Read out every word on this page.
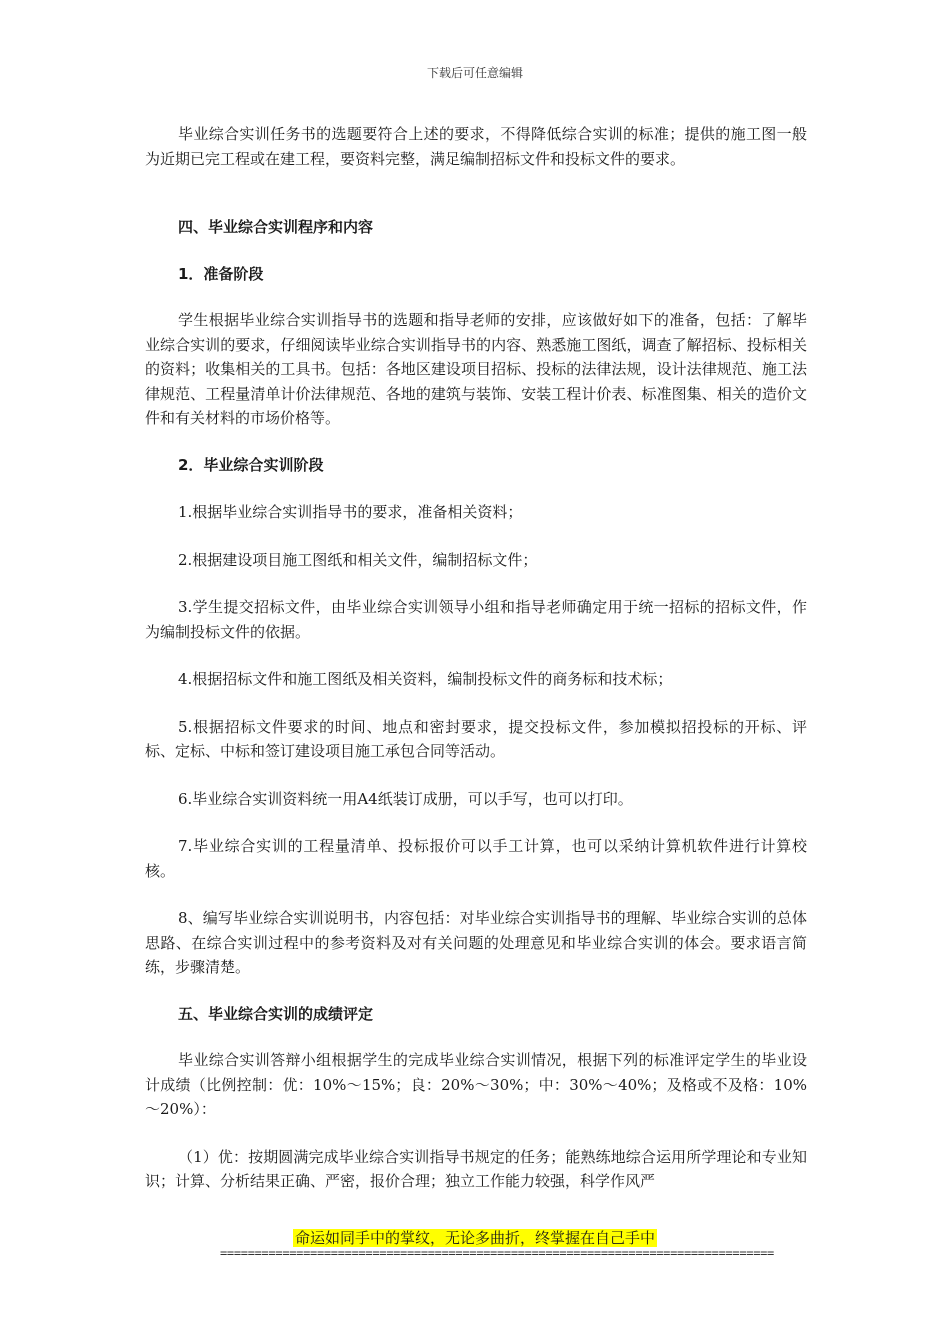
下载后可任意编辑

毕业综合实训任务书的选题要符合上述的要求，不得降低综合实训的标准；提供的施工图一般为近期已完工程或在建工程，要资料完整，满足编制招标文件和投标文件的要求。

四、毕业综合实训程序和内容

1．准备阶段

学生根据毕业综合实训指导书的选题和指导老师的安排，应该做好如下的准备，包括：了解毕业综合实训的要求，仔细阅读毕业综合实训指导书的内容、熟悉施工图纸，调查了解招标、投标相关的资料；收集相关的工具书。包括：各地区建设项目招标、投标的法律法规，设计法律规范、施工法律规范、工程量清单计价法律规范、各地的建筑与装饰、安装工程计价表、标准图集、相关的造价文件和有关材料的市场价格等。

2．毕业综合实训阶段

1.根据毕业综合实训指导书的要求，准备相关资料；

2.根据建设项目施工图纸和相关文件，编制招标文件；

3.学生提交招标文件，由毕业综合实训领导小组和指导老师确定用于统一招标的招标文件，作为编制投标文件的依据。

4.根据招标文件和施工图纸及相关资料，编制投标文件的商务标和技术标；

5.根据招标文件要求的时间、地点和密封要求，提交投标文件，参加模拟招投标的开标、评标、定标、中标和签订建设项目施工承包合同等活动。

6.毕业综合实训资料统一用A4纸装订成册，可以手写，也可以打印。

7.毕业综合实训的工程量清单、投标报价可以手工计算，也可以采纳计算机软件进行计算校核。

8、编写毕业综合实训说明书，内容包括：对毕业综合实训指导书的理解、毕业综合实训的总体思路、在综合实训过程中的参考资料及对有关问题的处理意见和毕业综合实训的体会。要求语言简练，步骤清楚。

五、毕业综合实训的成绩评定

毕业综合实训答辩小组根据学生的完成毕业综合实训情况，根据下列的标准评定学生的毕业设计成绩（比例控制：优：10%～15%；良：20%～30%；中：30%～40%；及格或不及格：10%～20%）：

（1）优：按期圆满完成毕业综合实训指导书规定的任务；能熟练地综合运用所学理论和专业知识；计算、分析结果正确、严密，报价合理；独立工作能力较强，科学作风严

命运如同手中的掌纹，无论多曲折，终掌握在自己手中
================================================================================
